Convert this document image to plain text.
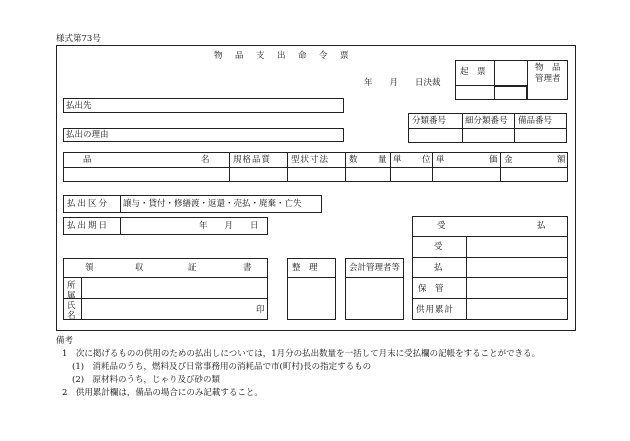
様式第73号
物　品　支　出　命　令　票
年　　月　　日決裁
起　票	物　品
管理者
払出先
払出の理由
分類番号 細分類番号 備品番号
品	名	規格品質 型状寸法 数 量 単 位 単	価 金	額
払出区分 譲与・貸付・修繕渡・返還・売払・廃棄・亡失
払出期日	年　　月　　日
領	収	証	書
所属
氏名
印
整　理	会計管理者等
受	払
受
払
保　管
供用累計
備考
1　次に掲げるものの供用のための払出しについては，1月分の払出数量を一括して月末に受払欄の記帳をすることができる。
(1)　消耗品のうち，燃料及び日常事務用の消耗品で市(町村)長の指定するもの
(2)　原材料のうち，じゃり及び砂の類
2　供用累計欄は，備品の場合にのみ記載すること。
